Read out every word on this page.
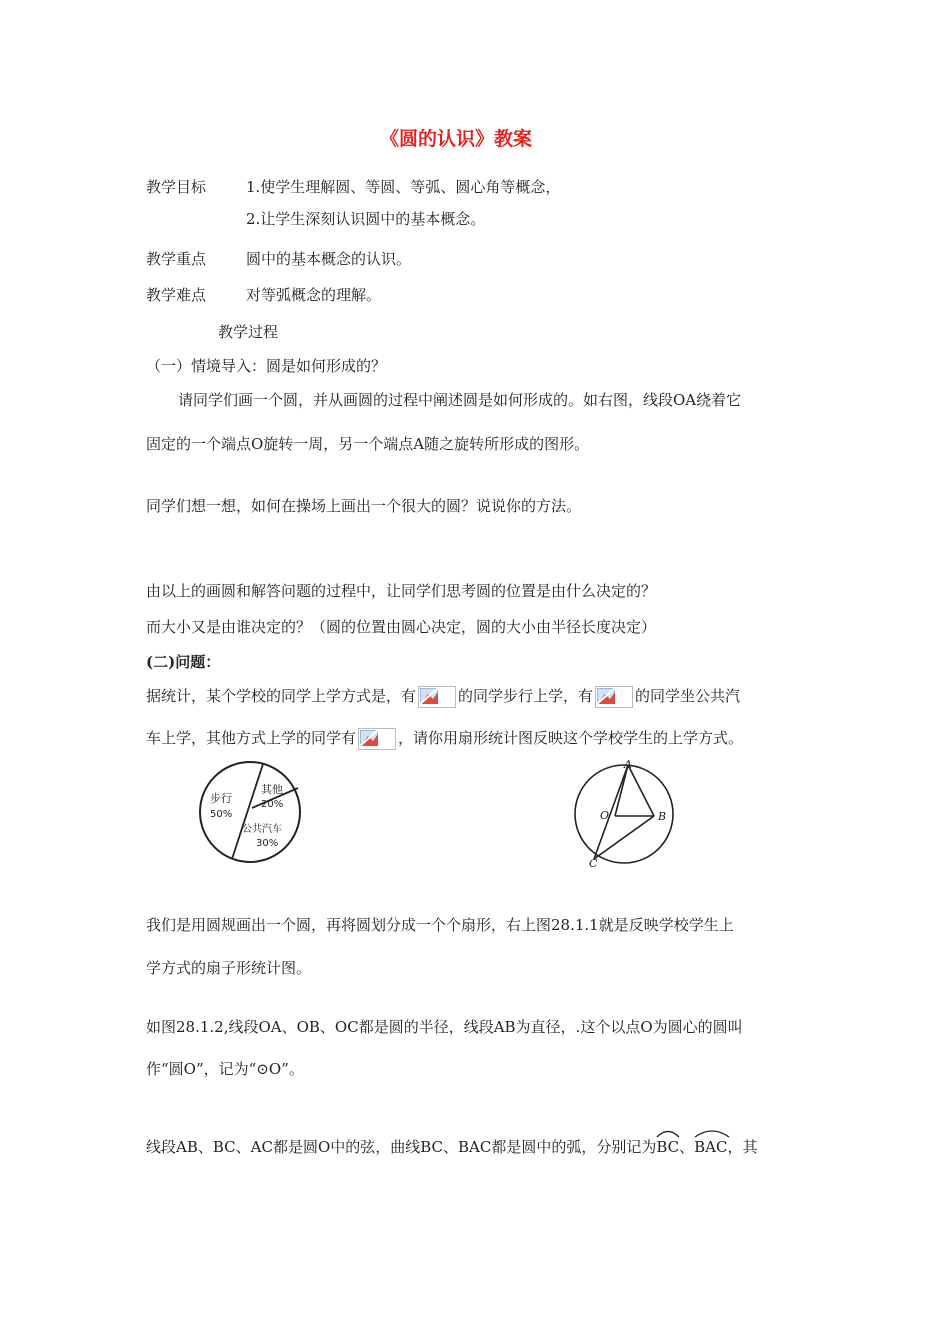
《圆的认识》教案
教学目标	1.使学生理解圆、等圆、等弧、圆心角等概念，
2.让学生深刻认识圆中的基本概念。
教学重点	圆中的基本概念的认识。
教学难点	对等弧概念的理解。
教学过程
（一）情境导入：圆是如何形成的？
请同学们画一个圆，并从画圆的过程中阐述圆是如何形成的。如右图，线段OA绕着它
固定的一个端点O旋转一周，另一个端点A随之旋转所形成的图形。
同学们想一想，如何在操场上画出一个很大的圆？说说你的方法。
由以上的画圆和解答问题的过程中，让同学们思考圆的位置是由什么决定的？
而大小又是由谁决定的？（圆的位置由圆心决定，圆的大小由半径长度决定）
(二)问题：
据统计，某个学校的同学上学方式是，有	的同学步行上学，有	的同学坐公共汽
车上学，其他方式上学的同学有	，请你用扇形统计图反映这个学校学生的上学方式。
步行
50%
其他
20%
公共汽车
30%
A
O	B
C
我们是用圆规画出一个圆，再将圆划分成一个个扇形，右上图28.1.1就是反映学校学生上
学方式的扇子形统计图。
如图28.1.2,线段OA、OB、OC都是圆的半径，线段AB为直径，.这个以点O为圆心的圆叫
作“圆O”，记为“⊙O”。
线段AB、BC、AC都是圆O中的弦，曲线BC、BAC都是圆中的弧，分别记为
BC、
BAC，其
